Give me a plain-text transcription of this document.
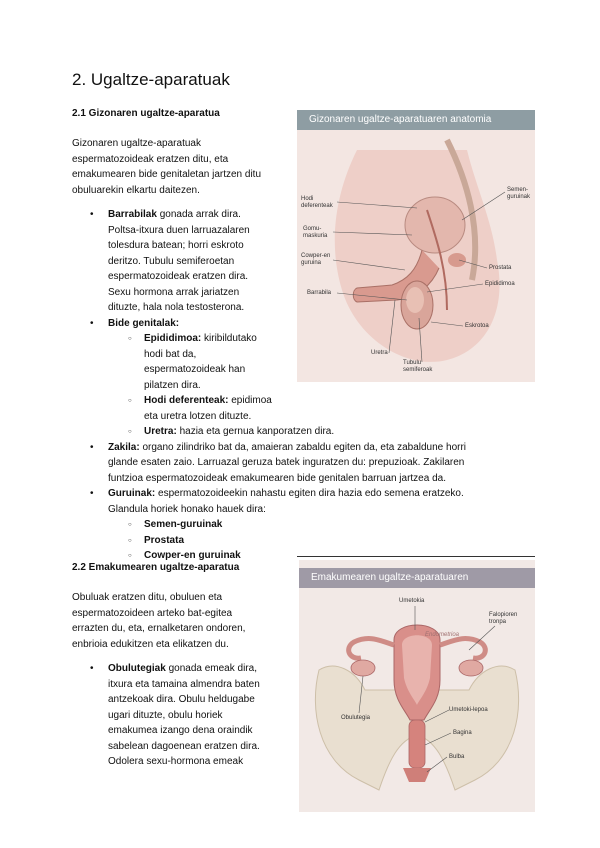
2. Ugaltze-aparatuak
2.1 Gizonaren ugaltze-aparatua
Gizonaren ugaltze-aparatuak
espermatozoideak eratzen ditu, eta
emakumearen bide genitaletan jartzen ditu
obuluarekin elkartu daitezen.
• Barrabilak gonada arrak dira.
Poltsa-itxura duen larruazalaren
tolesdura batean; horri eskroto
deritzo. Tubulu semiferoetan
espermatozoideak eratzen dira.
Sexu hormona arrak jariatzen
dituzte, hala nola testosterona.
• Bide genitalak:
○ Epididimoa: kiribildutako
hodi bat da,
espermatozoideak han
pilatzen dira.
○ Hodi deferenteak: epidimoa
eta uretra lotzen dituzte.
○ Uretra: hazia eta gernua kanporatzen dira.
• Zakila: organo zilindriko bat da, amaieran zabaldu egiten da, eta zabaldune horri
glande esaten zaio. Larruazal geruza batek inguratzen du: prepuzioak. Zakilaren
funtzioa espermatozoideak emakumearen bide genitalen barruan jartzea da.
• Guruinak: espermatozoideekin nahastu egiten dira hazia edo semena eratzeko.
Glandula horiek honako hauek dira:
○ Semen-guruinak
○ Prostata
○ Cowper-en guruinak
Gizonaren ugaltze-aparatuaren anatomia
Hodi
deferenteak
Gomu-
maskuria
Cowper-en
guruina
Barrabila
Uretra
Tubulu
semiferoak
Semen-
guruinak
Prostata
Epididimoa
Eskrotoa
2.2 Emakumearen ugaltze-aparatua
Obuluak eratzen ditu, obuluen eta
espermatozoideen arteko bat-egitea
errazten du, eta, ernalketaren ondoren,
enbrioia edukitzen eta elikatzen du.
• Obulutegiak gonada emeak dira,
itxura eta tamaina almendra baten
antzekoak dira. Obulu heldugabe
ugari dituzte, obulu horiek
emakumea izango dena oraindik
sabelean dagoenean eratzen dira.
Odolera sexu-hormona emeak
Emakumearen ugaltze-aparatuaren
Umetokia
Endometrioa
Falopioren
tronpa
Obulutegia
Umetoki-lepoa
Bagina
Bulba
